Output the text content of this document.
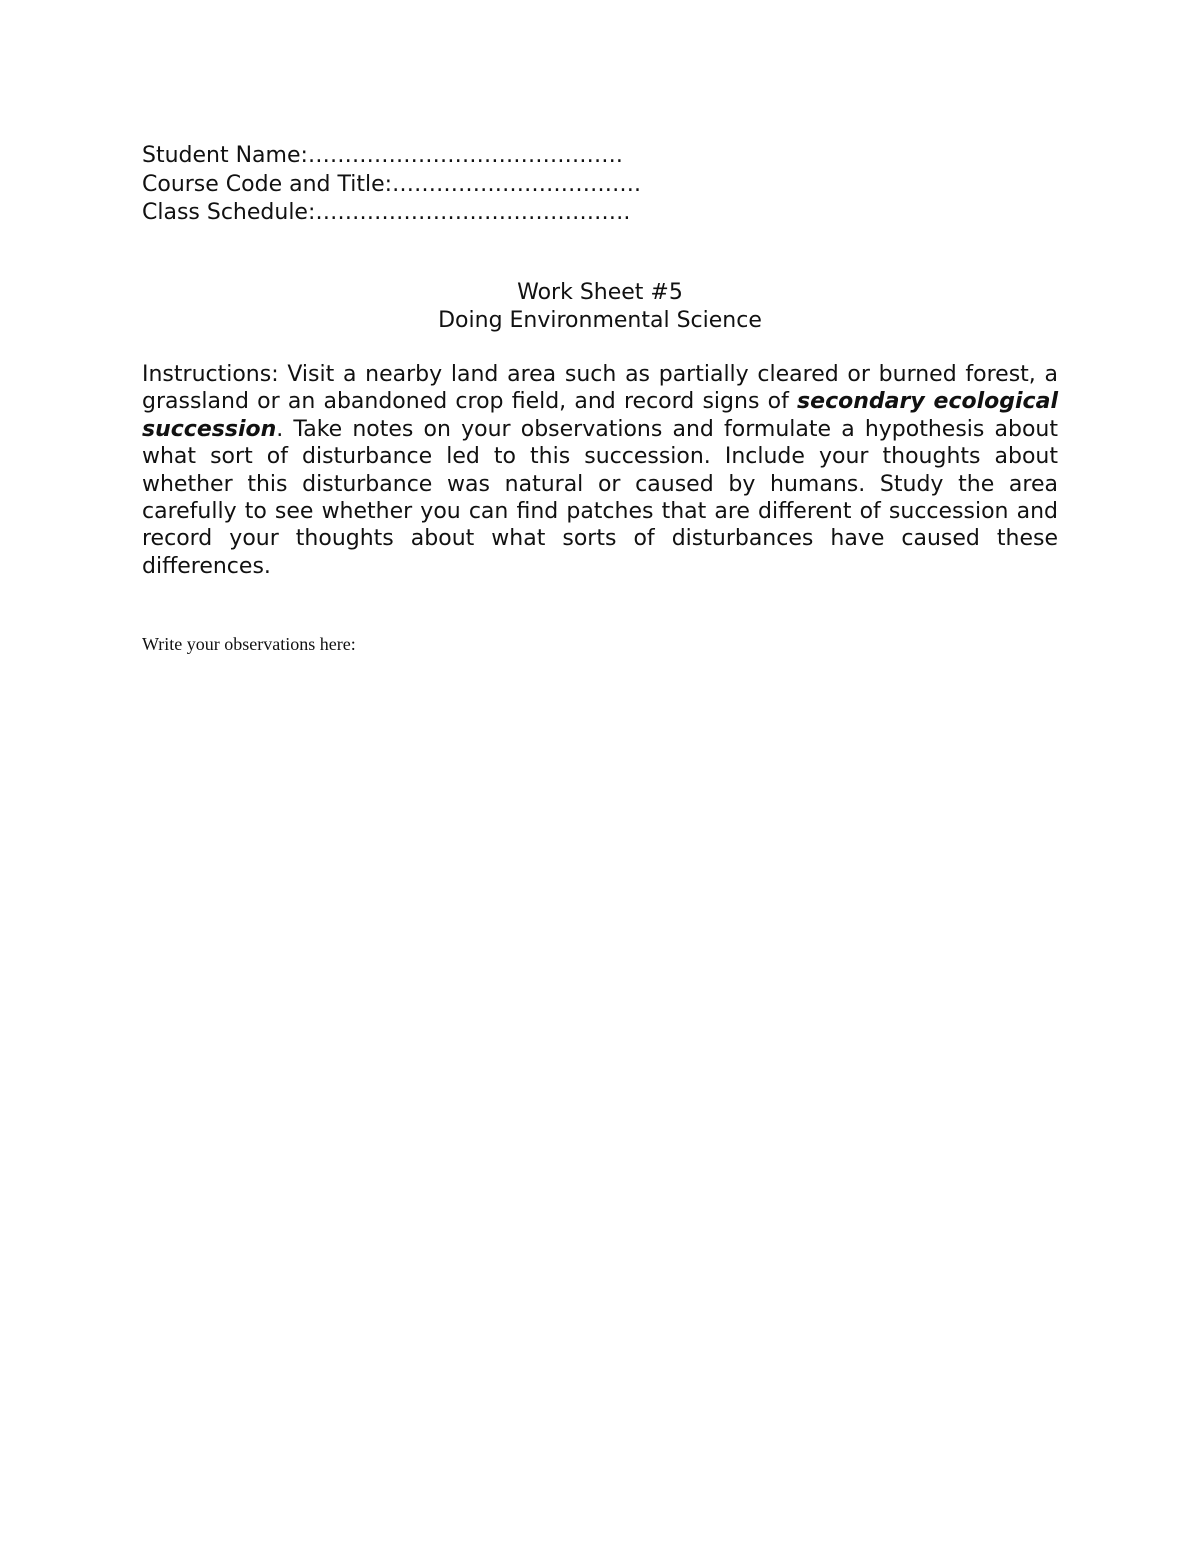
Student Name:…………………………………….
Course Code and Title:…………………………….
Class Schedule:…………………………………….
Work Sheet #5
Doing Environmental Science

Instructions: Visit a nearby land area such as partially cleared or burned forest, a grassland or an abandoned crop field, and record signs of secondary ecological succession. Take notes on your observations and formulate a hypothesis about what sort of disturbance led to this succession. Include your thoughts about whether this disturbance was natural or caused by humans. Study the area carefully to see whether you can find patches that are different of succession and record your thoughts about what sorts of disturbances have caused these differences.

Write your observations here:
